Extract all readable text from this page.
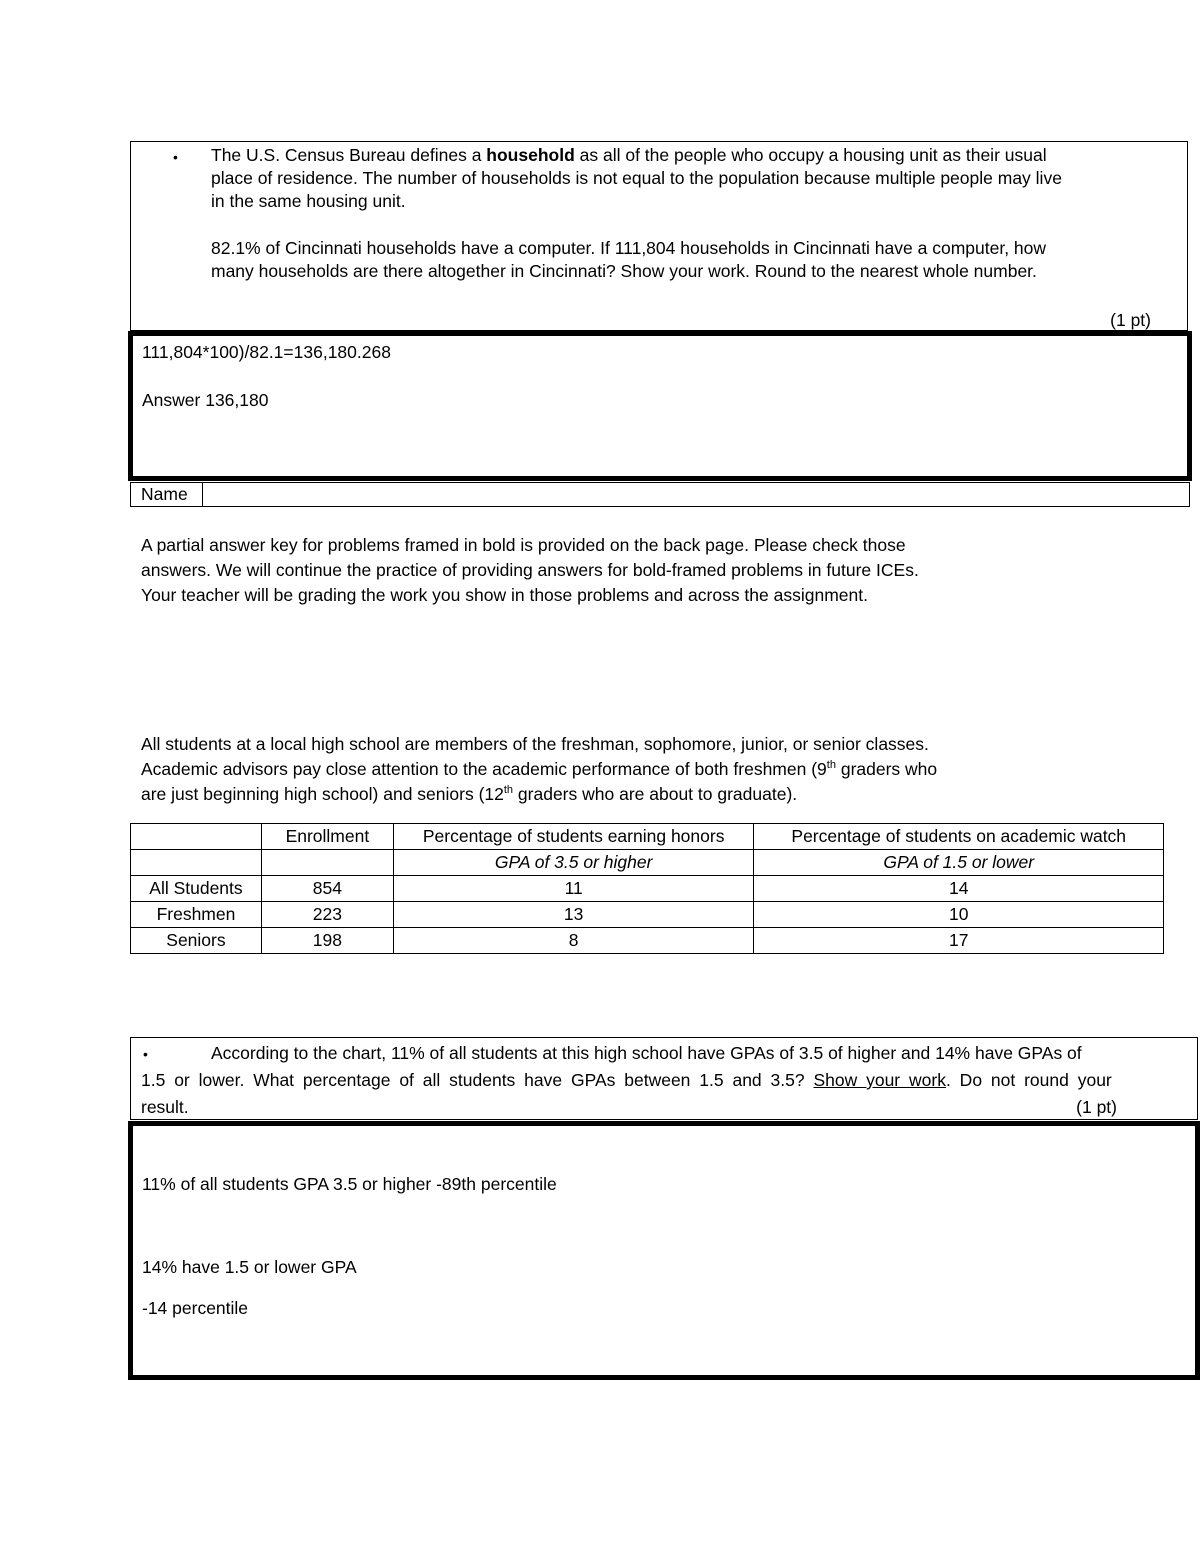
• The U.S. Census Bureau defines a household as all of the people who occupy a housing unit as their usual
place of residence. The number of households is not equal to the population because multiple people may live
in the same housing unit.
82.1% of Cincinnati households have a computer. If 111,804 households in Cincinnati have a computer, how
many households are there altogether in Cincinnati? Show your work. Round to the nearest whole number.
(1 pt)
111,804*100)/82.1=136,180.268
Answer 136,180
Name
A partial answer key for problems framed in bold is provided on the back page. Please check those
answers. We will continue the practice of providing answers for bold-framed problems in future ICEs.
Your teacher will be grading the work you show in those problems and across the assignment.
All students at a local high school are members of the freshman, sophomore, junior, or senior classes.
Academic advisors pay close attention to the academic performance of both freshmen (9th graders who
are just beginning high school) and seniors (12th graders who are about to graduate).
	Enrollment	Percentage of students earning honors	Percentage of students on academic watch
		GPA of 3.5 or higher	GPA of 1.5 or lower
All Students	854	11	14
Freshmen	223	13	10
Seniors	198	8	17
•	According to the chart, 11% of all students at this high school have GPAs of 3.5 of higher and 14% have GPAs of
1.5 or lower. What percentage of all students have GPAs between 1.5 and 3.5? Show your work. Do not round your
result.	(1 pt)
11% of all students GPA 3.5 or higher -89th percentile
14% have 1.5 or lower GPA
-14 percentile
